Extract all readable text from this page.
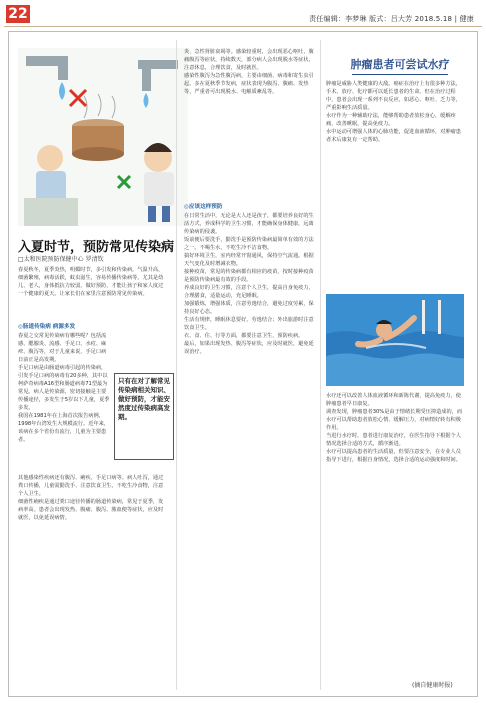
22	责任编辑：李梦琳 版式：吕大芳 2018.5.18 | 健康
入夏时节，预防常见传染病
□太和医院预防保健中心 罗清钦
春夏秋冬，夏季炎热，明媚时节，多引发和传染病。气温升高，细菌繁殖，病毒活跃，蚊虫滋生，容易传播传染病等。尤其是幼儿、老人，身体抵抗力较弱，做好预防，才能让孩子和家人度过一个健康的夏天。让家长们在家里注意预防常见传染病。
◎肠道传染病 病源多发
春夏之交常见传染病有哪些呢？包括流感、腮腺炎、流感、手足口、水痘、麻疹、腹泻等，对于儿童来说，手足口病日前正是高发期。
手足口病是由肠道病毒引起的传染病，引发手足口病的病毒有20多种，其中以柯萨奇病毒A16型和肠道病毒71型最为常见。病人是传染源，密切接触是主要传播途径，多发生于5岁以下儿童，夏季多发。
我国在1981年在上海首次报告病例，1998年台湾发生大规模流行。近年来，该病在多个省份有流行，儿童为主要患者。
只有在对了解常见传染病相关知识、做好预防，才能安然度过传染病高发期。
其他感染性疾病还有腹泻、痢疾、手足口病等。病人吐泻，通过粪口传播，儿童需勤洗手、注意饮食卫生，不吃生冷食物，注意个人卫生。
细菌性痢疾是通过粪口途径传播的肠道传染病，常见于夏季，发病率高。患者会出现发热、腹痛、腹泻、脓血便等症状，应及时就医，以免延误病情。
炎、急性肾脏衰竭等。感染较重时，会出现恶心呕吐、腹痛腹泻等症状，持续数天，部分病人会出现脱水等症状，注意休息，合理饮食，及时就医。
感染性腹泻为急性腹泻病，主要由细菌、病毒和寄生虫引起。多在夏秋季节发病，症状表现为腹泻、腹痛、发热等，严重者可出现脱水、电解质紊乱等。
◎应该这样预防
在日常生活中，无论是大人还是孩子，都要培养良好的生活方式，养成科学的卫生习惯，才能确保身体健康，远离传染病的侵袭。
饭前便后要洗手，勤洗手是预防传染病最简单有效的方法之一。不喝生水，不吃生冷不洁食物。
搞好环境卫生，室内经常开窗通风，保持空气流通。根据天气变化及时增减衣物。
接种疫苗，常见的传染病都有相应的疫苗，按时接种疫苗是预防传染病最有效的手段。
养成良好的卫生习惯，注意个人卫生，提高自身免疫力，合理膳食，适量运动，充足睡眠。
加强锻炼，增强体质，注意劳逸结合，避免过度劳累，保持良好心态。
生活有规律，睡眠休息要好，劳逸结合；外出旅游时注意饮食卫生。
衣、食、住、行等方面，都要注意卫生，预防疾病。
最后，如果出现发热、腹泻等症状，应及时就医，避免延误治疗。
肿瘤患者可尝试水疗
肿瘤是威胁人类健康的大敌。癌症在治疗上有很多种方法，手术、放疗、化疗都可以延长患者的生命。但在治疗过程中，患者会出现一系列不良反应，如恶心、呕吐、乏力等，严重影响生活质量。
水疗作为一种辅助疗法，能够帮助患者放松身心，缓解疼痛，改善睡眠，提高免疫力。
水中运动可增强人体的心肺功能，促进血液循环，对肿瘤患者术后康复有一定帮助。
水疗还可以改善人体血液循环和新陈代谢，提高免疫力，使肿瘤患者早日康复。
调查发现，肿瘤患者30%是由于情绪长期受压抑造成的，而水疗可以帮助患者放松心情、缓解压力，对病情好转有积极作用。
当进行水疗时，患者进行康复治疗，在医生指导下根据个人情况选择合适的方式，循序渐进。
水疗可以提高患者的生活质量，但要注意安全，在专业人员指导下进行，根据自身情况，选择合适的运动强度和时间。
(摘自健康时报)
